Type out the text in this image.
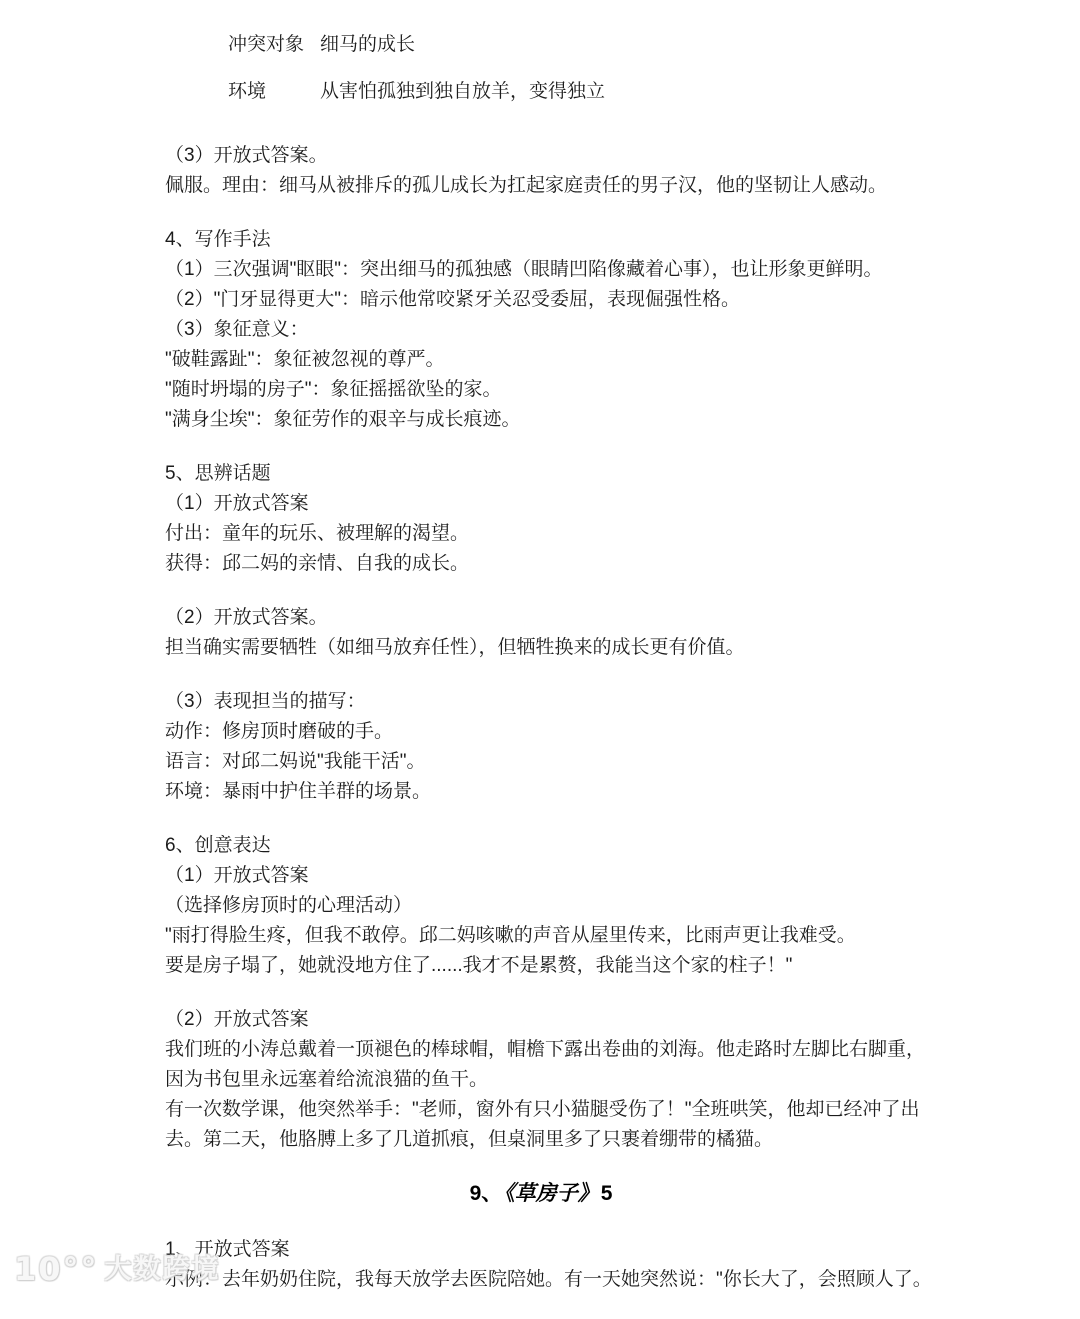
冲突对象 细马的成长
环境	从害怕孤独到独自放羊，变得独立
（3）开放式答案。
佩服。理由：细马从被排斥的孤儿成长为扛起家庭责任的男子汉，他的坚韧让人感动。
4、写作手法
（1）三次强调"眍眼"：突出细马的孤独感（眼睛凹陷像藏着心事），也让形象更鲜明。
（2）"门牙显得更大"：暗示他常咬紧牙关忍受委屈，表现倔强性格。
（3）象征意义：
"破鞋露趾"：象征被忽视的尊严。
"随时坍塌的房子"：象征摇摇欲坠的家。
"满身尘埃"：象征劳作的艰辛与成长痕迹。
5、思辨话题
（1）开放式答案
付出：童年的玩乐、被理解的渴望。
获得：邱二妈的亲情、自我的成长。
（2）开放式答案。
担当确实需要牺牲（如细马放弃任性），但牺牲换来的成长更有价值。
（3）表现担当的描写：
动作：修房顶时磨破的手。
语言：对邱二妈说"我能干活"。
环境：暴雨中护住羊群的场景。
6、创意表达
（1）开放式答案
（选择修房顶时的心理活动）
"雨打得脸生疼，但我不敢停。邱二妈咳嗽的声音从屋里传来，比雨声更让我难受。
要是房子塌了，她就没地方住了......我才不是累赘，我能当这个家的柱子！"
（2）开放式答案
我们班的小涛总戴着一顶褪色的棒球帽，帽檐下露出卷曲的刘海。他走路时左脚比右脚重，
因为书包里永远塞着给流浪猫的鱼干。
有一次数学课，他突然举手："老师，窗外有只小猫腿受伤了！"全班哄笑，他却已经冲了出
去。第二天，他胳膊上多了几道抓痕，但桌洞里多了只裹着绷带的橘猫。
9、《草房子》5
1、开放式答案
示例：去年奶奶住院，我每天放学去医院陪她。有一天她突然说："你长大了，会照顾人了。
10°° 大数跨境
